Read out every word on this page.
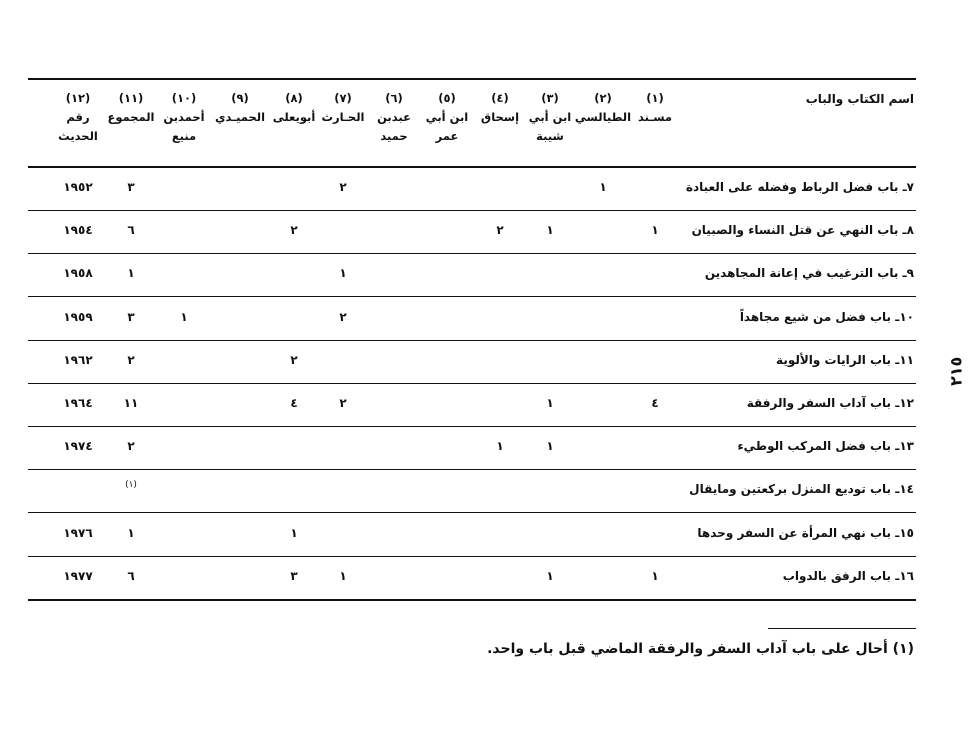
اسم الكتاب والباب
(١)
مسـند
(٢)
الطيالسي
(٣)
ابن أبي شيبة
(٤)
إسحاق
(٥)
ابن أبي عمر
(٦)
عبدبن حميد
(٧)
الحـارث
(٨)
أبويعلى
(٩)
الحميـدي
(١٠)
أحمدبن منيع
(١١)
المجموع
(١٢)
رقم الحديث
٧ـ باب فضل الرباط وفضله على العبادة
١
٢
٣
١٩٥٢
٨ـ باب النهي عن قتل النساء والصبيان
١
١
٢
٢
٦
١٩٥٤
٩ـ باب الترغيب في إعانة المجاهدين
١
١
١٩٥٨
١٠ـ باب فضل من شيع مجاهداً
٢
١
٣
١٩٥٩
١١ـ باب الرايات والألوية
٢
٢
١٩٦٢
١٢ـ باب آداب السفر والرفقة
٤
١
٢
٤
١١
١٩٦٤
١٣ـ باب فضل المركب الوطيء
١
١
٢
١٩٧٤
١٤ـ باب توديع المنزل بركعتين ومايقال
(١)
١٥ـ باب نهي المرأة عن السفر وحدها
١
١
١٩٧٦
١٦ـ باب الرفق بالدواب
١
١
١
٣
٦
١٩٧٧
٢١٥
(١) أحال على باب آداب السفر والرفقة الماضي قبل باب واحد.
